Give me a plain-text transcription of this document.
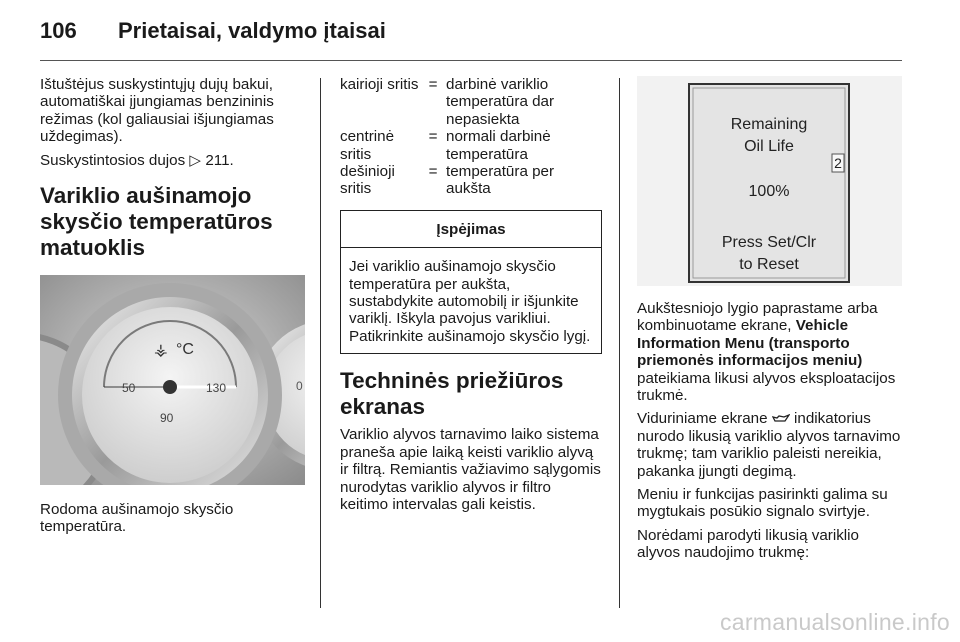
106 Prietaisai, valdymo įtaisai
Ištuštėjus suskystintųjų dujų bakui, automatiškai įjungiamas benzininis režimas (kol galiausiai išjungiamas uždegimas).
Suskystintosios dujos ▷ 211.
Variklio aušinamojo skysčio temperatūros matuoklis
°C
⚶
50	130
90
0
Rodoma aušinamojo skysčio temperatūra.
kairioji sritis = darbinė variklio temperatūra dar nepasiekta
centrinė sritis
= normali darbinė temperatūra
dešinioji sritis
= temperatūra per aukšta
Įspėjimas
Jei variklio aušinamojo skysčio temperatūra per aukšta, sustabdykite automobilį ir išjunkite variklį. Iškyla pavojus varikliui. Patikrinkite aušinamojo skysčio lygį.
Techninės priežiūros ekranas
Variklio alyvos tarnavimo laiko sistema praneša apie laiką keisti variklio alyvą ir filtrą. Remiantis važiavimo sąlygomis nurodytas variklio alyvos ir filtro keitimo intervalas gali keistis.
Remaining
Oil Life
100%
Press Set/Clr
to Reset
2
Aukštesniojo lygio paprastame arba kombinuotame ekrane, Vehicle Information Menu (transporto priemonės informacijos meniu) pateikiama likusi alyvos eksploatacijos trukmė.
Viduriniame ekrane  indikatorius nurodo likusią variklio alyvos tarnavimo trukmę; tam variklio paleisti nereikia, pakanka įjungti degimą.
Meniu ir funkcijas pasirinkti galima su mygtukais posūkio signalo svirtyje.
Norėdami parodyti likusią variklio alyvos naudojimo trukmę:
carmanualsonline.info
